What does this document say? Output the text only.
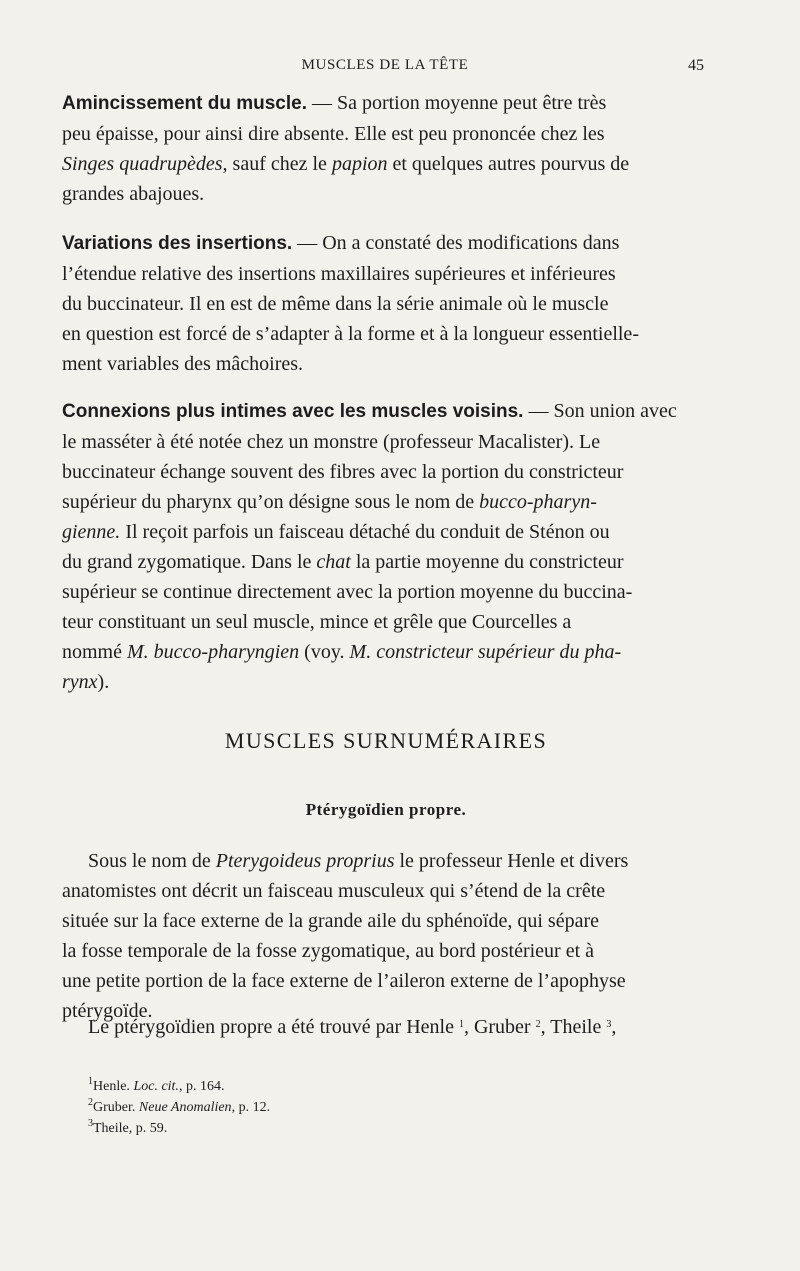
MUSCLES DE LA TÊTE	45
Amincissement du muscle. — Sa portion moyenne peut être très
peu épaisse, pour ainsi dire absente. Elle est peu prononcée chez les
Singes quadrupèdes, sauf chez le papion et quelques autres pourvus de
grandes abajoues.
Variations des insertions. — On a constaté des modifications dans
l’étendue relative des insertions maxillaires supérieures et inférieures
du buccinateur. Il en est de même dans la série animale où le muscle
en question est forcé de s’adapter à la forme et à la longueur essentielle-
ment variables des mâchoires.
Connexions plus intimes avec les muscles voisins. — Son union avec
le masséter à été notée chez un monstre (professeur Macalister). Le
buccinateur échange souvent des fibres avec la portion du constricteur
supérieur du pharynx qu’on désigne sous le nom de bucco-pharyn-
gienne. Il reçoit parfois un faisceau détaché du conduit de Sténon ou
du grand zygomatique. Dans le chat la partie moyenne du constricteur
supérieur se continue directement avec la portion moyenne du buccina-
teur constituant un seul muscle, mince et grêle que Courcelles a
nommé M. bucco-pharyngien (voy. M. constricteur supérieur du pha-
rynx).
MUSCLES SURNUMÉRAIRES
Ptérygoïdien propre.
Sous le nom de Pterygoideus proprius le professeur Henle et divers
anatomistes ont décrit un faisceau musculeux qui s’étend de la crête
située sur la face externe de la grande aile du sphénoïde, qui sépare
la fosse temporale de la fosse zygomatique, au bord postérieur et à
une petite portion de la face externe de l’aileron externe de l’apophyse
ptérygoïde.
Le ptérygoïdien propre a été trouvé par Henle $^1$, Gruber $^2$, Theile $^3$,
$^1$Henle. Loc. cit., p. 164.
$^2$Gruber. Neue Anomalien, p. 12.
$^3$Theile, p. 59.
